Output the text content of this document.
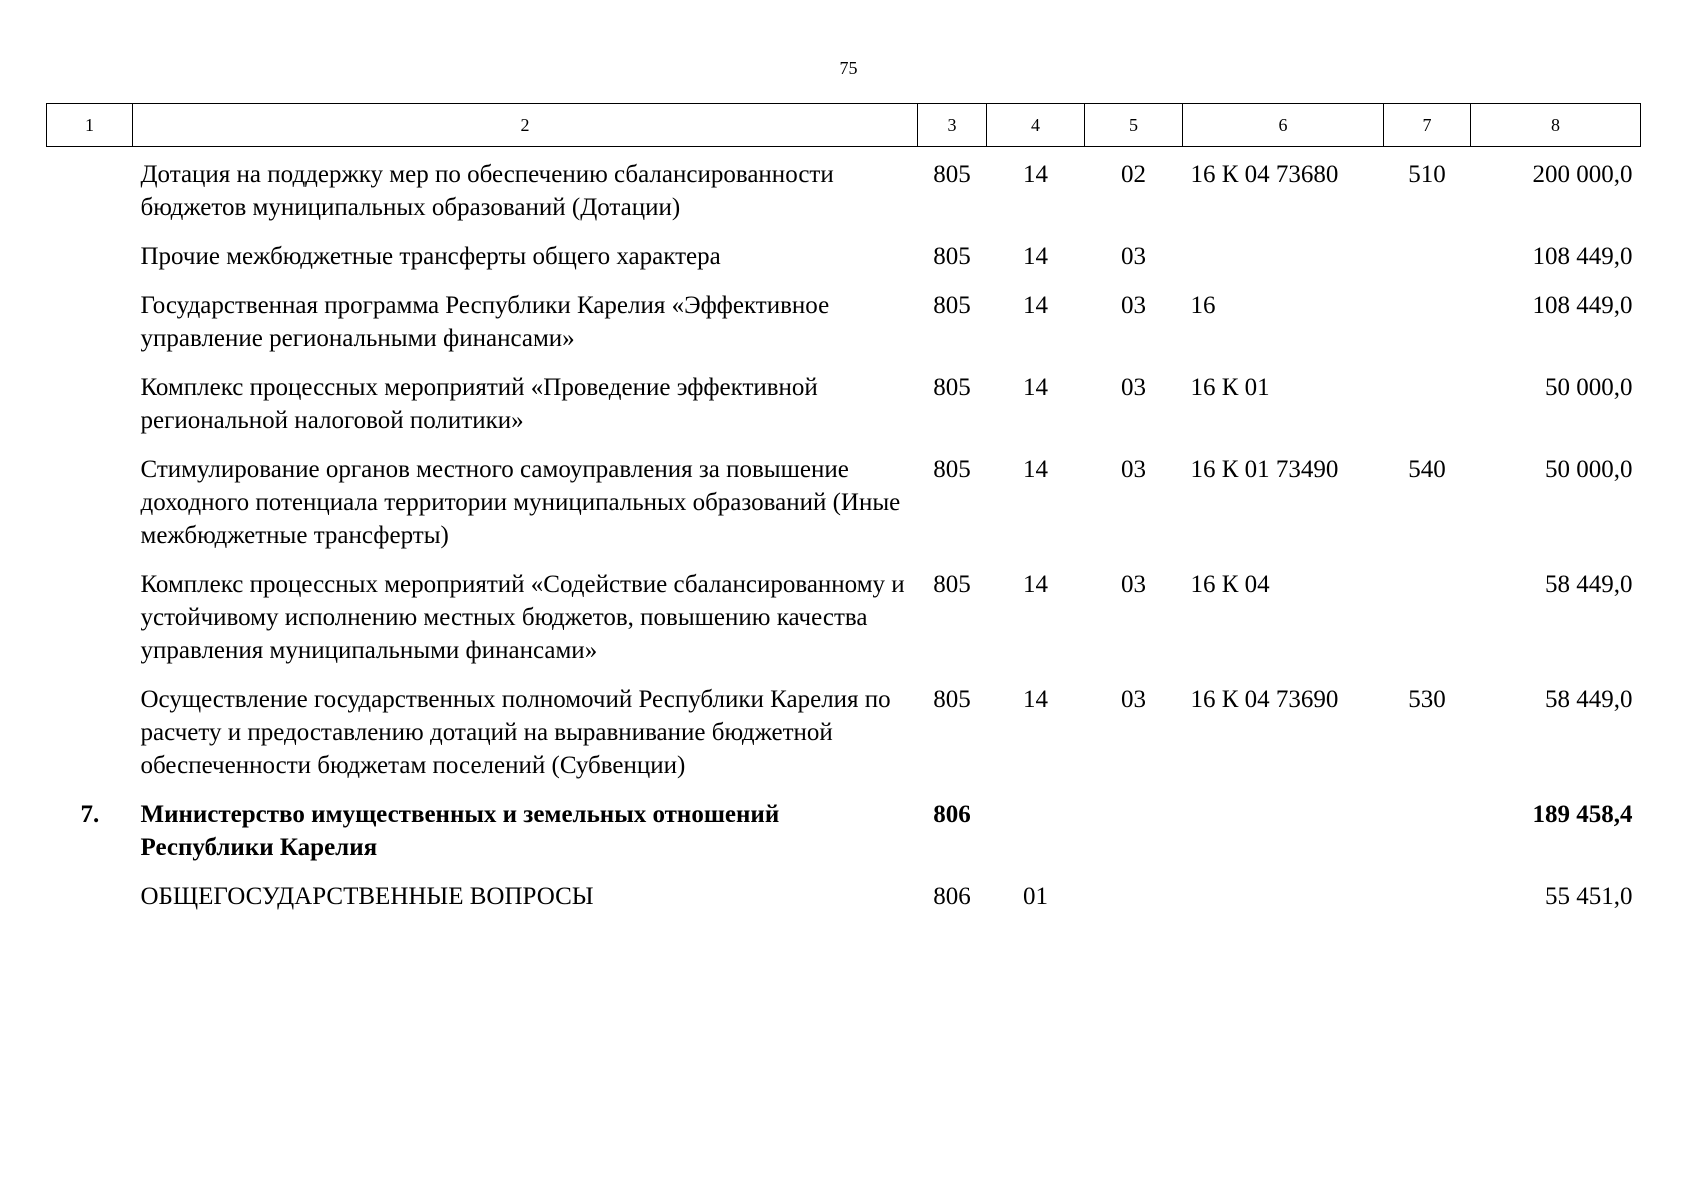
75
1	2	3	4	5	6	7	8
	Дотация на поддержку мер по обеспечению сбалансированности бюджетов муниципальных образований (Дотации)	805	14	02	16 К 04 73680	510	200 000,0
	Прочие межбюджетные трансферты общего характера	805	14	03			108 449,0
	Государственная программа Республики Карелия «Эффективное управление региональными финансами»	805	14	03	16		108 449,0
	Комплекс процессных мероприятий «Проведение эффективной региональной налоговой политики»	805	14	03	16 К 01		50 000,0
	Стимулирование органов местного самоуправления за повышение доходного потенциала территории муниципальных образований (Иные межбюджетные трансферты)	805	14	03	16 К 01 73490	540	50 000,0
	Комплекс процессных мероприятий «Содействие сбалансированному и устойчивому исполнению местных бюджетов, повышению качества управления муниципальными финансами»	805	14	03	16 К 04		58 449,0
	Осуществление государственных полномочий Республики Карелия по расчету и предоставлению дотаций на выравнивание бюджетной обеспеченности бюджетам поселений (Субвенции)	805	14	03	16 К 04 73690	530	58 449,0
7.	Министерство имущественных и земельных отношений Республики Карелия	806					189 458,4
	ОБЩЕГОСУДАРСТВЕННЫЕ ВОПРОСЫ	806	01				55 451,0
